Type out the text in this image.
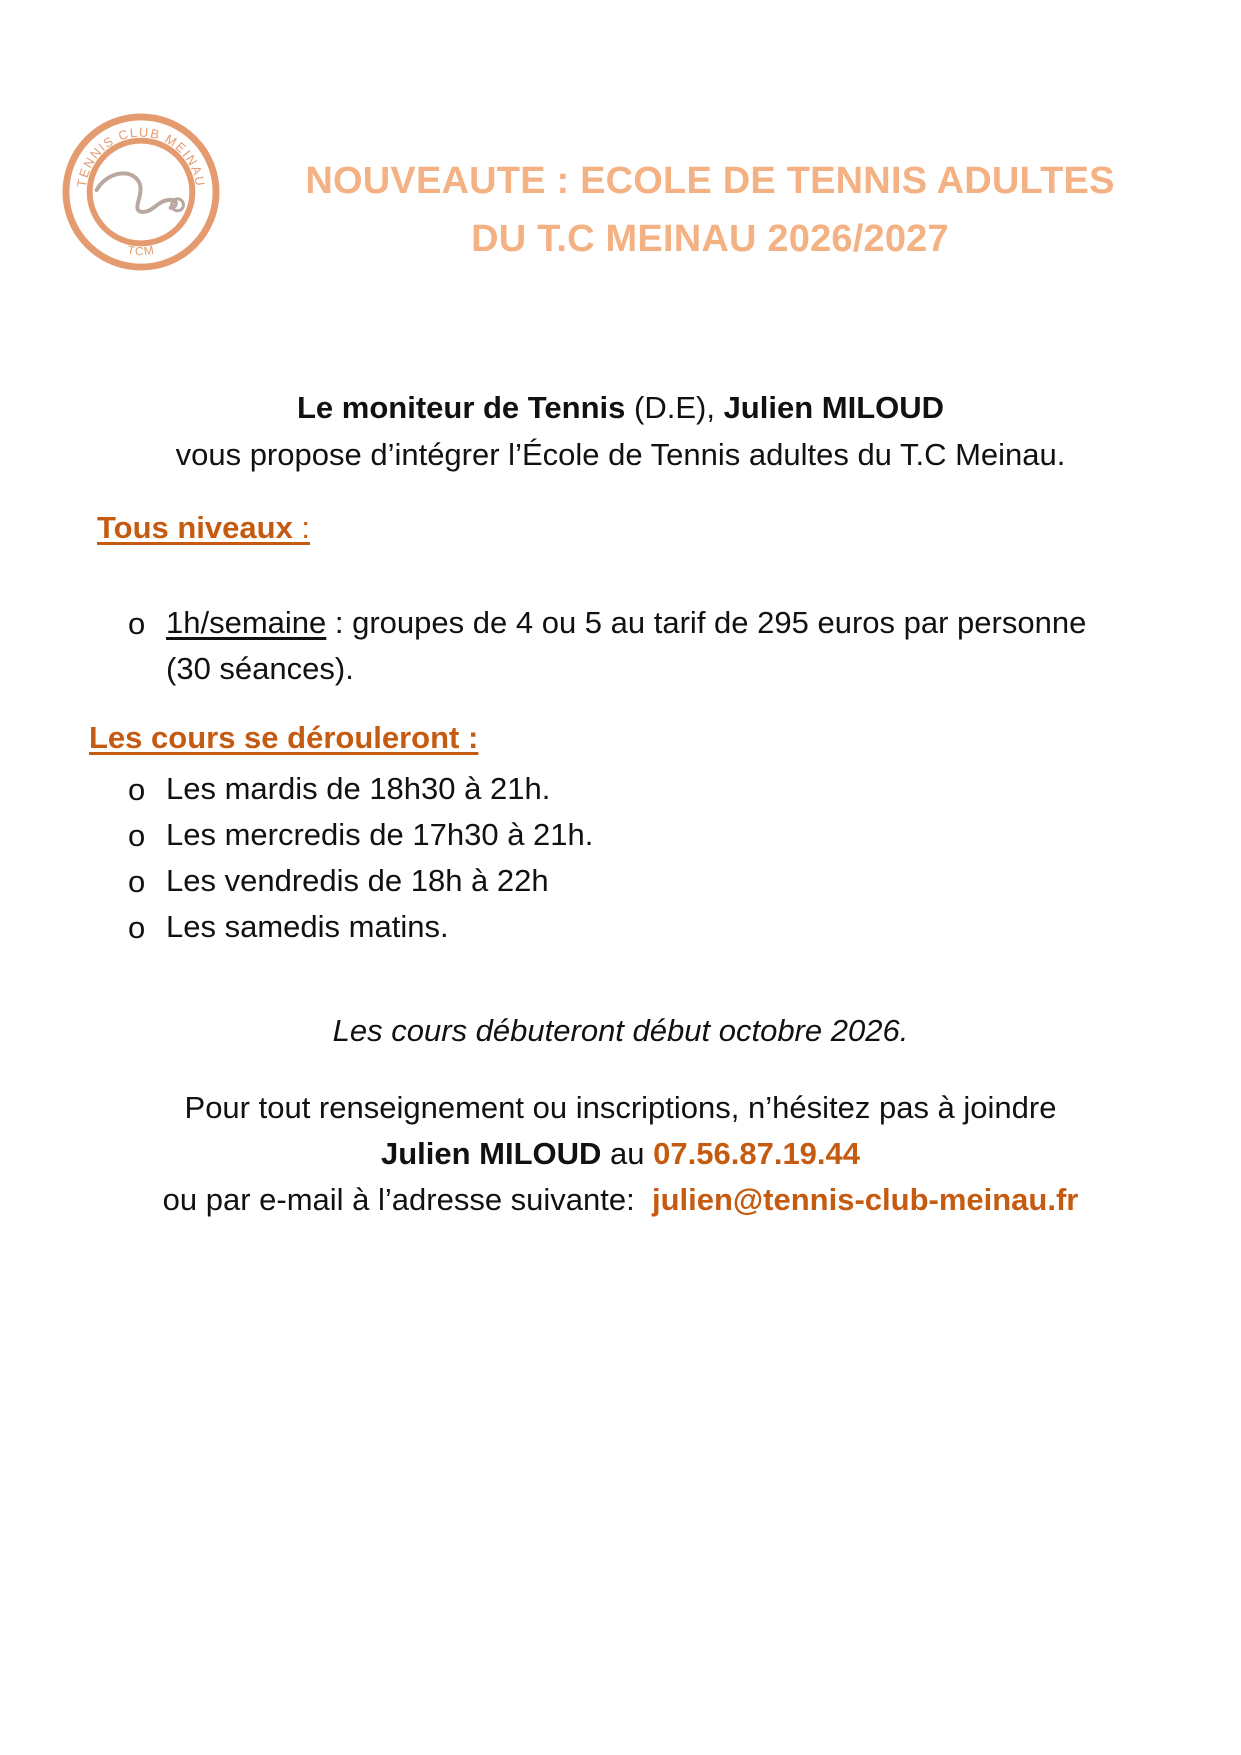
TENNIS CLUB MEINAU
TCM
NOUVEAUTE : ECOLE DE TENNIS ADULTES
DU T.C MEINAU 2026/2027
Le moniteur de Tennis (D.E), Julien MILOUD
vous propose d’intégrer l’École de Tennis adultes du T.C Meinau.
Tous niveaux :
o 1h/semaine : groupes de 4 ou 5 au tarif de 295 euros par personne (30 séances).
Les cours se dérouleront :
o Les mardis de 18h30 à 21h.
o Les mercredis de 17h30 à 21h.
o Les vendredis de 18h à 22h
o Les samedis matins.
Les cours débuteront début octobre 2026.
Pour tout renseignement ou inscriptions, n’hésitez pas à joindre
Julien MILOUD au 07.56.87.19.44
ou par e-mail à l’adresse suivante:  julien@tennis-club-meinau.fr
